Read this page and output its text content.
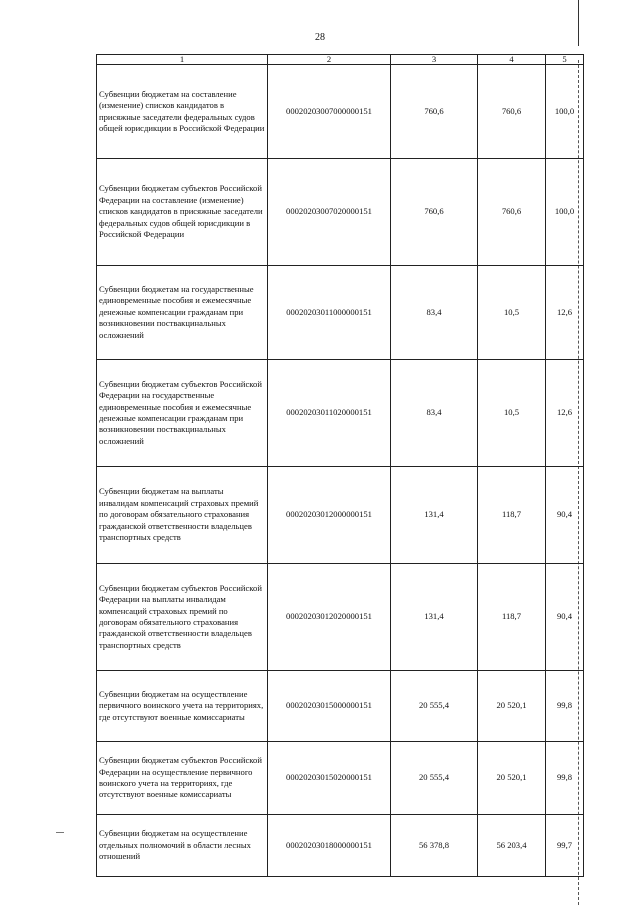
28
1	2	3	4	5
Субвенции бюджетам на составление (изменение) списков кандидатов в присяжные заседатели федеральных судов общей юрисдикции в Российской Федерации	00020203007000000151	760,6	760,6	100,0
Субвенции бюджетам субъектов Российской Федерации на составление (изменение) списков кандидатов в присяжные заседатели федеральных судов общей юрисдикции в Российской Федерации	00020203007020000151	760,6	760,6	100,0
Субвенции бюджетам на государственные единовременные пособия и ежемесячные денежные компенсации гражданам при возникновении поствакцинальных осложнений	00020203011000000151	83,4	10,5	12,6
Субвенции бюджетам субъектов Российской Федерации на государственные единовременные пособия и ежемесячные денежные компенсации гражданам при возникновении поствакцинальных осложнений	00020203011020000151	83,4	10,5	12,6
Субвенции бюджетам на выплаты инвалидам компенсаций страховых премий по договорам обязательного страхования гражданской ответственности владельцев транспортных средств	00020203012000000151	131,4	118,7	90,4
Субвенции бюджетам субъектов Российской Федерации на выплаты инвалидам компенсаций страховых премий по договорам обязательного страхования гражданской ответственности владельцев транспортных средств	00020203012020000151	131,4	118,7	90,4
Субвенции бюджетам на осуществление первичного воинского учета на территориях, где отсутствуют военные комиссариаты	00020203015000000151	20 555,4	20 520,1	99,8
Субвенции бюджетам субъектов Российской Федерации на осуществление первичного воинского учета на территориях, где отсутствуют военные комиссариаты	00020203015020000151	20 555,4	20 520,1	99,8
Субвенции бюджетам на осуществление отдельных полномочий в области лесных отношений	00020203018000000151	56 378,8	56 203,4	99,7
